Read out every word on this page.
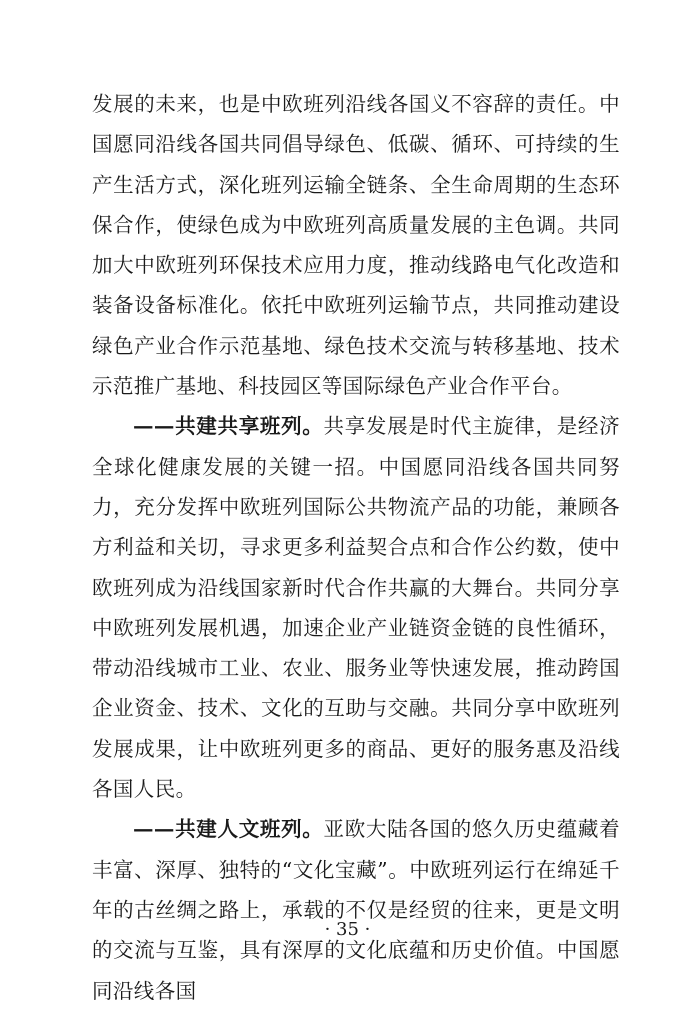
发展的未来，也是中欧班列沿线各国义不容辞的责任。中国愿同沿线各国共同倡导绿色、低碳、循环、可持续的生产生活方式，深化班列运输全链条、全生命周期的生态环保合作，使绿色成为中欧班列高质量发展的主色调。共同加大中欧班列环保技术应用力度，推动线路电气化改造和装备设备标准化。依托中欧班列运输节点，共同推动建设绿色产业合作示范基地、绿色技术交流与转移基地、技术示范推广基地、科技园区等国际绿色产业合作平台。

——共建共享班列。共享发展是时代主旋律，是经济全球化健康发展的关键一招。中国愿同沿线各国共同努力，充分发挥中欧班列国际公共物流产品的功能，兼顾各方利益和关切，寻求更多利益契合点和合作公约数，使中欧班列成为沿线国家新时代合作共赢的大舞台。共同分享中欧班列发展机遇，加速企业产业链资金链的良性循环，带动沿线城市工业、农业、服务业等快速发展，推动跨国企业资金、技术、文化的互助与交融。共同分享中欧班列发展成果，让中欧班列更多的商品、更好的服务惠及沿线各国人民。

——共建人文班列。亚欧大陆各国的悠久历史蕴藏着丰富、深厚、独特的“文化宝藏”。中欧班列运行在绵延千年的古丝绸之路上，承载的不仅是经贸的往来，更是文明的交流与互鉴，具有深厚的文化底蕴和历史价值。中国愿同沿线各国

· 35 ·
